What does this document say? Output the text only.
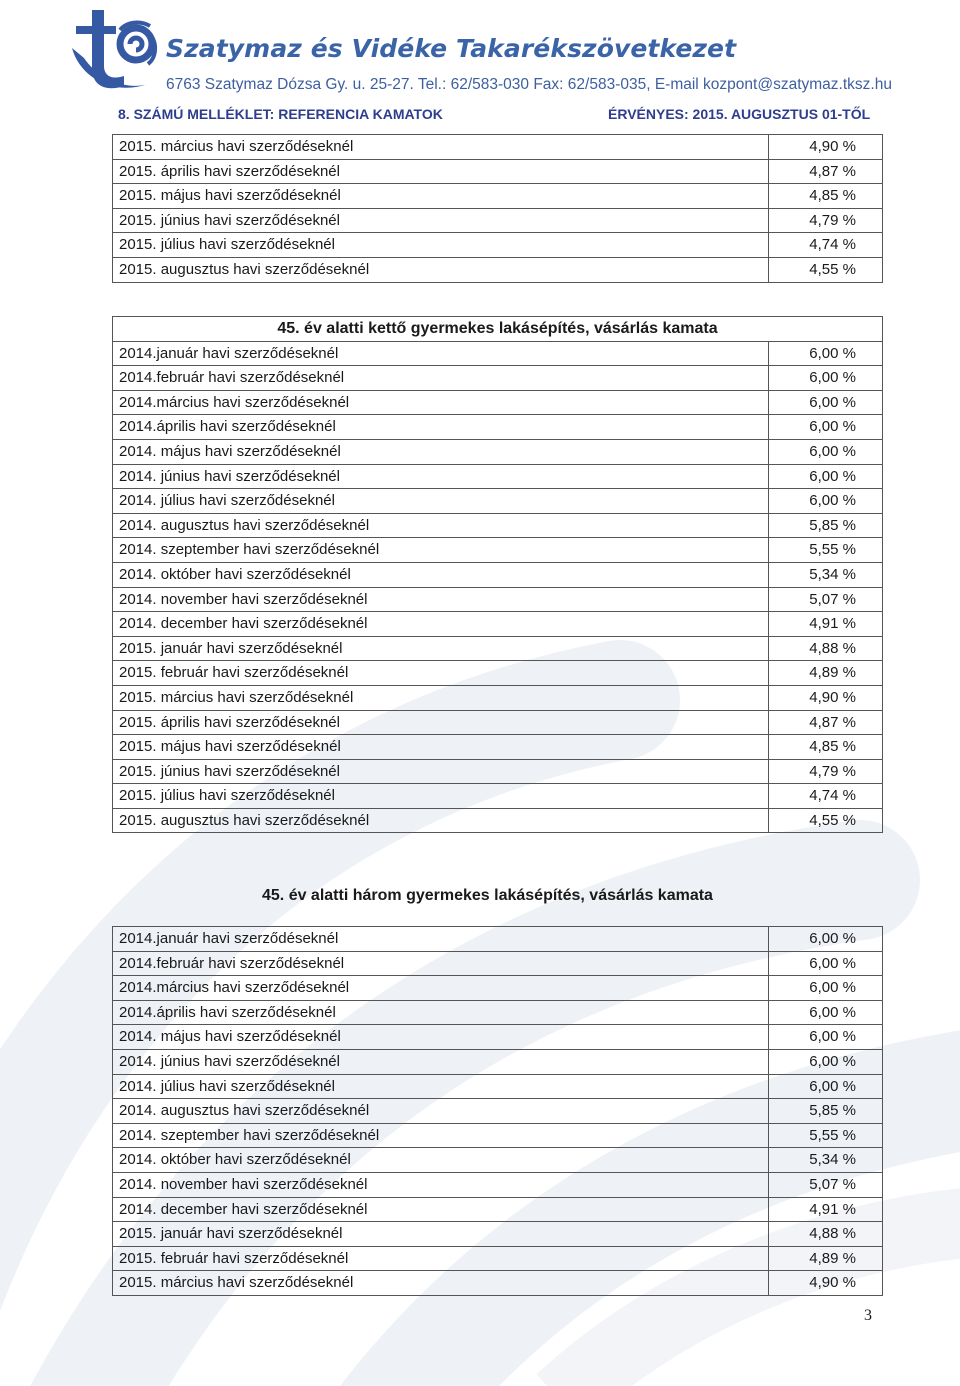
Szatymaz és Vidéke Takarékszövetkezet

6763 Szatymaz Dózsa Gy. u. 25-27. Tel.: 62/583-030 Fax: 62/583-035, E-mail kozpont@szatymaz.tksz.hu

8. SZÁMÚ MELLÉKLET: REFERENCIA KAMATOK	ÉRVÉNYES: 2015. AUGUSZTUS 01-TŐL

2015. március havi szerződéseknél	4,90 %
2015. április havi szerződéseknél	4,87 %
2015. május havi szerződéseknél	4,85 %
2015. június havi szerződéseknél	4,79 %
2015. július havi szerződéseknél	4,74 %
2015. augusztus havi szerződéseknél	4,55 %
45. év alatti kettő gyermekes lakásépítés, vásárlás kamata	
2014.január havi szerződéseknél	6,00 %
2014.február havi szerződéseknél	6,00 %
2014.március havi szerződéseknél	6,00 %
2014.április havi szerződéseknél	6,00 %
2014. május havi szerződéseknél	6,00 %
2014. június havi szerződéseknél	6,00 %
2014. július havi szerződéseknél	6,00 %
2014. augusztus havi szerződéseknél	5,85 %
2014. szeptember havi szerződéseknél	5,55 %
2014. október havi szerződéseknél	5,34 %
2014. november havi szerződéseknél	5,07 %
2014. december havi szerződéseknél	4,91 %
2015. január havi szerződéseknél	4,88 %
2015. február havi szerződéseknél	4,89 %
2015. március havi szerződéseknél	4,90 %
2015. április havi szerződéseknél	4,87 %
2015. május havi szerződéseknél	4,85 %
2015. június havi szerződéseknél	4,79 %
2015. július havi szerződéseknél	4,74 %
2015. augusztus havi szerződéseknél	4,55 %

45. év alatti három gyermekes lakásépítés, vásárlás kamata

2014.január havi szerződéseknél	6,00 %
2014.február havi szerződéseknél	6,00 %
2014.március havi szerződéseknél	6,00 %
2014.április havi szerződéseknél	6,00 %
2014. május havi szerződéseknél	6,00 %
2014. június havi szerződéseknél	6,00 %
2014. július havi szerződéseknél	6,00 %
2014. augusztus havi szerződéseknél	5,85 %
2014. szeptember havi szerződéseknél	5,55 %
2014. október havi szerződéseknél	5,34 %
2014. november havi szerződéseknél	5,07 %
2014. december havi szerződéseknél	4,91 %
2015. január havi szerződéseknél	4,88 %
2015. február havi szerződéseknél	4,89 %
2015. március havi szerződéseknél	4,90 %

3
